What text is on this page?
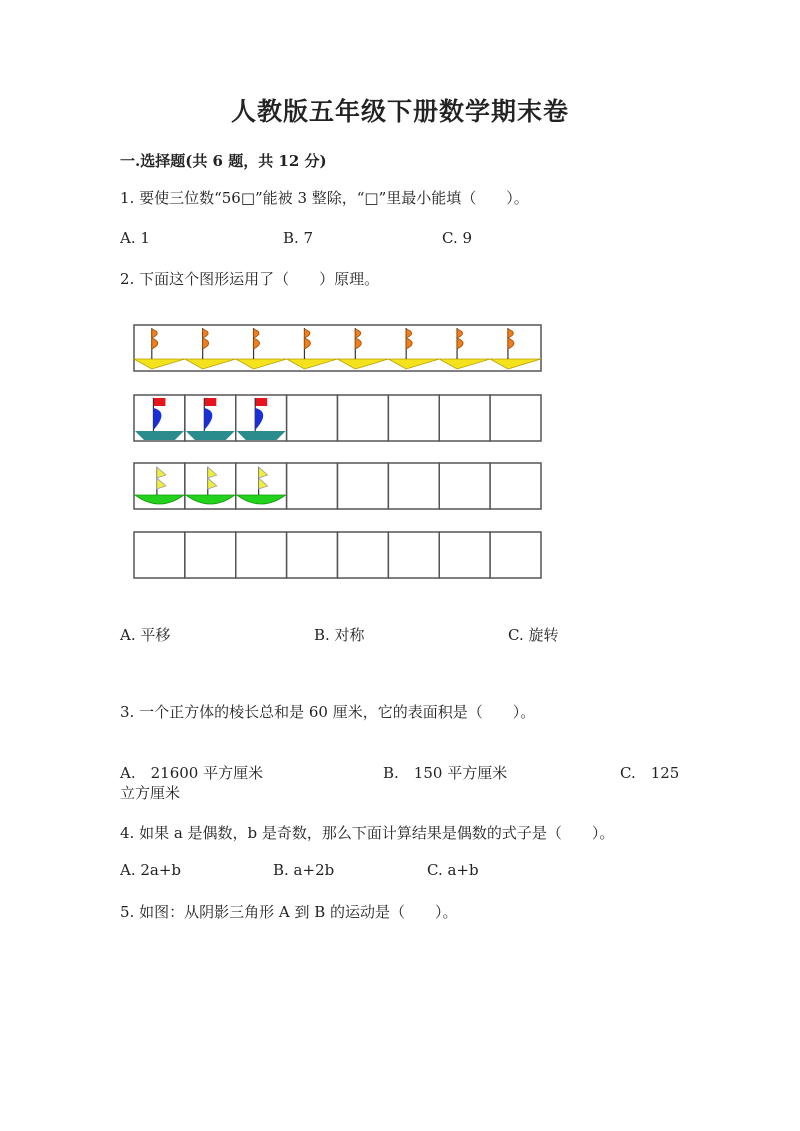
人教版五年级下册数学期末卷
一.选择题(共 6 题，共 12 分)
1. 要使三位数“56□”能被 3 整除，“□”里最小能填（　　）。
A. 1	B. 7	C. 9
2. 下面这个图形运用了（　　）原理。
A. 平移	B. 对称	C. 旋转
3. 一个正方体的棱长总和是 60 厘米，它的表面积是（　　）。
A.　21600 平方厘米	B.　150 平方厘米	C.　125
立方厘米
4. 如果 a 是偶数，b 是奇数，那么下面计算结果是偶数的式子是（　　）。
A. 2a+b	B. a+2b	C. a+b
5. 如图：从阴影三角形 A 到 B 的运动是（　　）。
